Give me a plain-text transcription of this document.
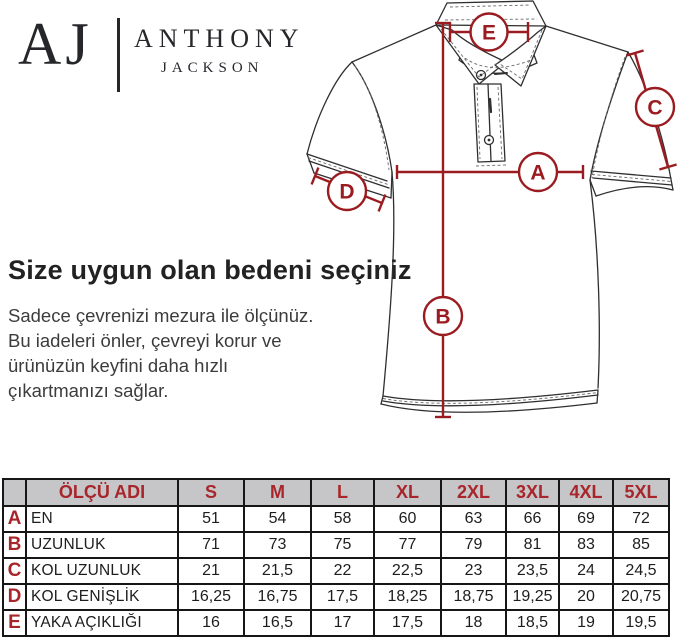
AJ ANTHONY
JACKSON
Size uygun olan bedeni seçiniz
Sadece çevrenizi mezura ile ölçünüz.
Bu iadeleri önler, çevreyi korur ve
ürünüzün keyfini daha hızlı
çıkartmanızı sağlar.
E
A
B
C
D
	ÖLÇÜ ADI	S	M	L	XL	2XL	3XL	4XL	5XL
A	EN	51	54	58	60	63	66	69	72
B	UZUNLUK	71	73	75	77	79	81	83	85
C	KOL UZUNLUK	21	21,5	22	22,5	23	23,5	24	24,5
D	KOL GENİŞLİK	16,25	16,75	17,5	18,25	18,75	19,25	20	20,75
E	YAKA AÇIKLIĞI	16	16,5	17	17,5	18	18,5	19	19,5
